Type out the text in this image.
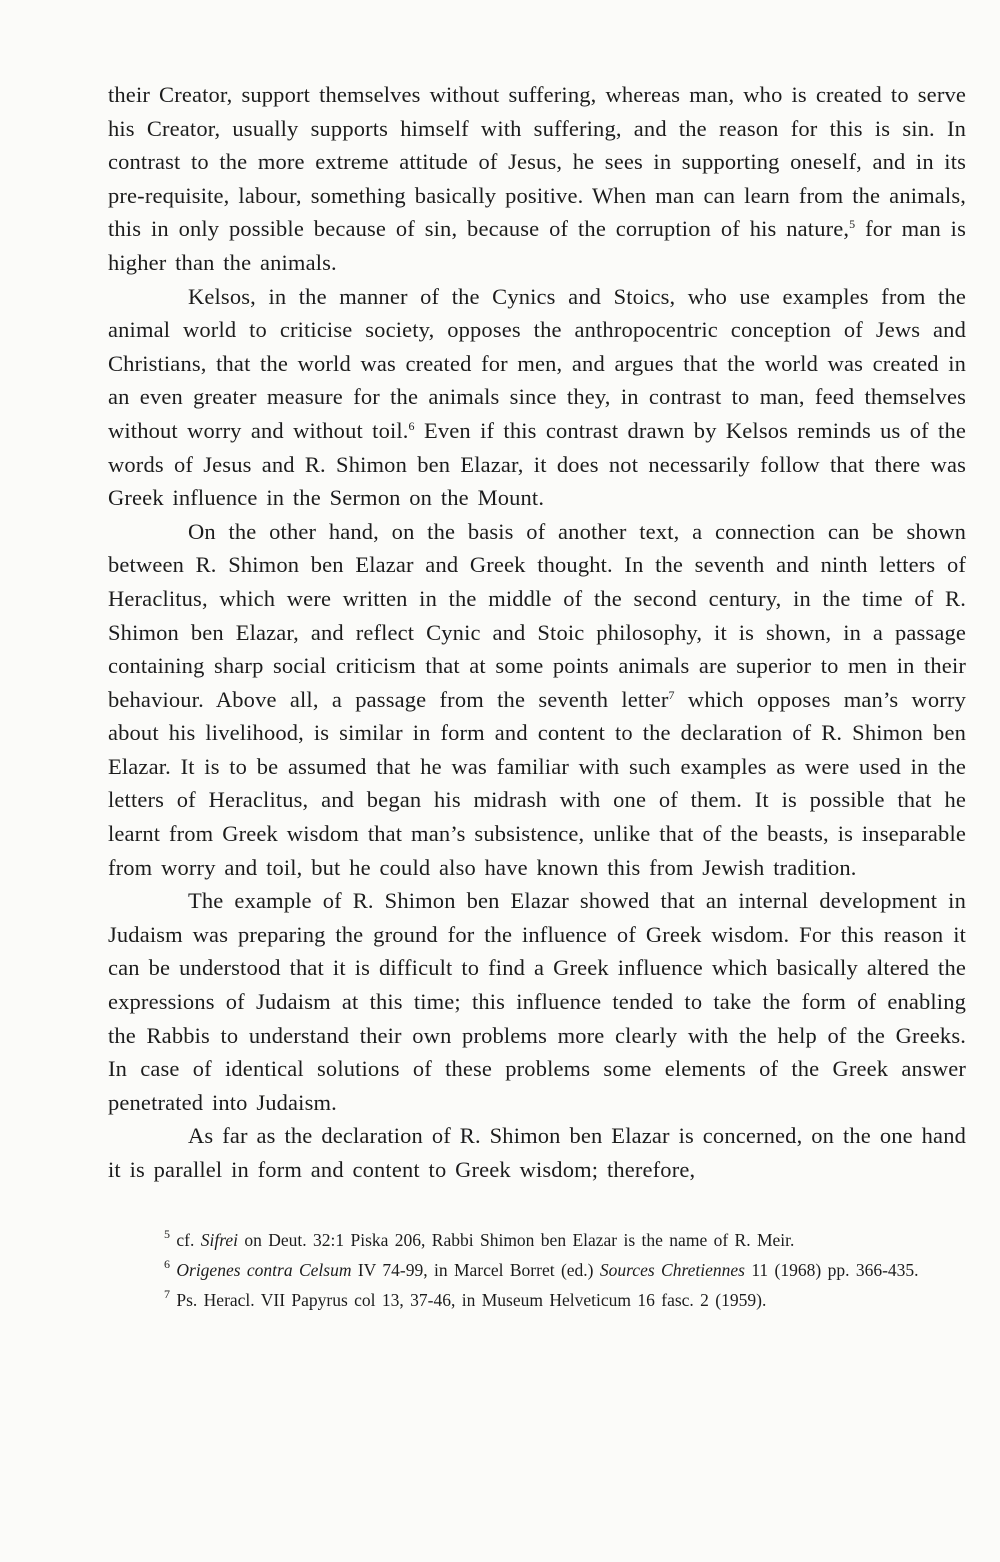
their Creator, support themselves without suffering, whereas man, who is created to serve his Creator, usually supports himself with suffering, and the reason for this is sin. In contrast to the more extreme attitude of Jesus, he sees in supporting oneself, and in its pre-requisite, labour, something basically positive. When man can learn from the animals, this in only possible because of sin, because of the corruption of his nature,$^5$ for man is higher than the animals.

Kelsos, in the manner of the Cynics and Stoics, who use examples from the animal world to criticise society, opposes the anthropocentric conception of Jews and Christians, that the world was created for men, and argues that the world was created in an even greater measure for the animals since they, in contrast to man, feed themselves without worry and without toil.$^6$ Even if this contrast drawn by Kelsos reminds us of the words of Jesus and R. Shimon ben Elazar, it does not necessarily follow that there was Greek influence in the Sermon on the Mount.

On the other hand, on the basis of another text, a connection can be shown between R. Shimon ben Elazar and Greek thought. In the seventh and ninth letters of Heraclitus, which were written in the middle of the second century, in the time of R. Shimon ben Elazar, and reflect Cynic and Stoic philosophy, it is shown, in a passage containing sharp social criticism that at some points animals are superior to men in their behaviour. Above all, a passage from the seventh letter$^7$ which opposes man’s worry about his livelihood, is similar in form and content to the declaration of R. Shimon ben Elazar. It is to be assumed that he was familiar with such examples as were used in the letters of Heraclitus, and began his midrash with one of them. It is possible that he learnt from Greek wisdom that man’s subsistence, unlike that of the beasts, is inseparable from worry and toil, but he could also have known this from Jewish tradition.

The example of R. Shimon ben Elazar showed that an internal development in Judaism was preparing the ground for the influence of Greek wisdom. For this reason it can be understood that it is difficult to find a Greek influence which basically altered the expressions of Judaism at this time; this influence tended to take the form of enabling the Rabbis to understand their own problems more clearly with the help of the Greeks. In case of identical solutions of these problems some elements of the Greek answer penetrated into Judaism.

As far as the declaration of R. Shimon ben Elazar is concerned, on the one hand it is parallel in form and content to Greek wisdom; therefore,

$^5$ cf. Sifrei on Deut. 32:1 Piska 206, Rabbi Shimon ben Elazar is the name of R. Meir.

$^6$ Origenes contra Celsum IV 74-99, in Marcel Borret (ed.) Sources Chretiennes 11 (1968) pp. 366-435.

$^7$ Ps. Heracl. VII Papyrus col 13, 37-46, in Museum Helveticum 16 fasc. 2 (1959).
